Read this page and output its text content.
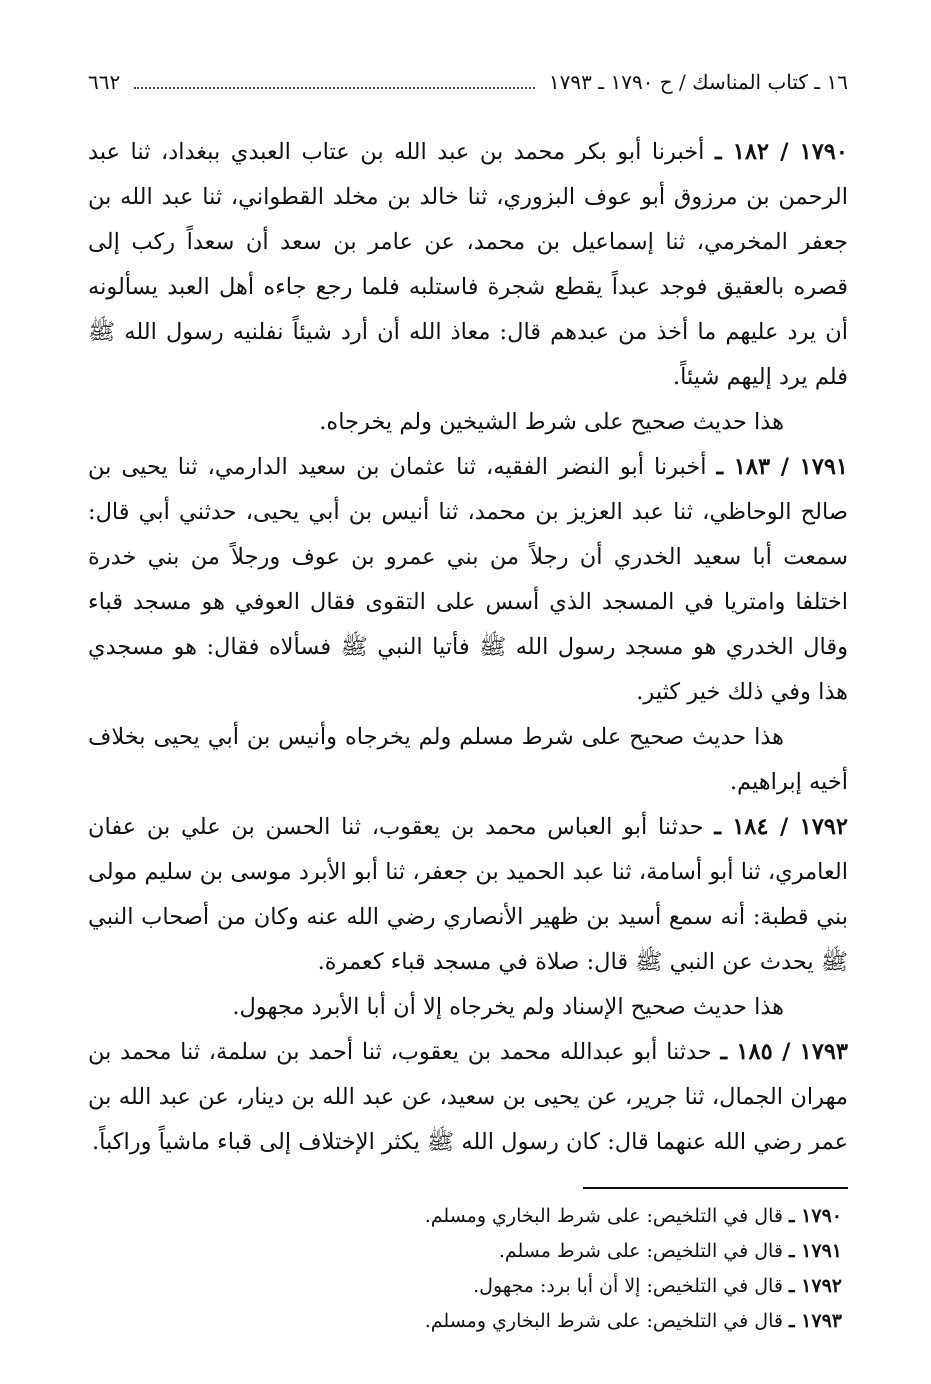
١٦ ـ كتاب المناسك / ح ١٧٩٠ ـ ١٧٩٣
٦٦٢

١٧٩٠ / ١٨٢ ـ أخبرنا أبو بكر محمد بن عبد الله بن عتاب العبدي ببغداد، ثنا عبد الرحمن بن مرزوق أبو عوف البزوري، ثنا خالد بن مخلد القطواني، ثنا عبد الله بن جعفر المخرمي، ثنا إسماعيل بن محمد، عن عامر بن سعد أن سعداً ركب إلى قصره بالعقيق فوجد عبداً يقطع شجرة فاستلبه فلما رجع جاءه أهل العبد يسألونه أن يرد عليهم ما أخذ من عبدهم قال: معاذ الله أن أرد شيئاً نفلنيه رسول الله ﷺ فلم يرد إليهم شيئاً.

هذا حديث صحيح على شرط الشيخين ولم يخرجاه.

١٧٩١ / ١٨٣ ـ أخبرنا أبو النضر الفقيه، ثنا عثمان بن سعيد الدارمي، ثنا يحيى بن صالح الوحاظي، ثنا عبد العزيز بن محمد، ثنا أنيس بن أبي يحيى، حدثني أبي قال: سمعت أبا سعيد الخدري أن رجلاً من بني عمرو بن عوف ورجلاً من بني خدرة اختلفا وامتريا في المسجد الذي أسس على التقوى فقال العوفي هو مسجد قباء وقال الخدري هو مسجد رسول الله ﷺ فأتيا النبي ﷺ فسألاه فقال: هو مسجدي هذا وفي ذلك خير كثير.

هذا حديث صحيح على شرط مسلم ولم يخرجاه وأنيس بن أبي يحيى بخلاف أخيه إبراهيم.

١٧٩٢ / ١٨٤ ـ حدثنا أبو العباس محمد بن يعقوب، ثنا الحسن بن علي بن عفان العامري، ثنا أبو أسامة، ثنا عبد الحميد بن جعفر، ثنا أبو الأبرد موسى بن سليم مولى بني قطبة: أنه سمع أسيد بن ظهير الأنصاري رضي الله عنه وكان من أصحاب النبي ﷺ يحدث عن النبي ﷺ قال: صلاة في مسجد قباء كعمرة.

هذا حديث صحيح الإسناد ولم يخرجاه إلا أن أبا الأبرد مجهول.

١٧٩٣ / ١٨٥ ـ حدثنا أبو عبدالله محمد بن يعقوب، ثنا أحمد بن سلمة، ثنا محمد بن مهران الجمال، ثنا جرير، عن يحيى بن سعيد، عن عبد الله بن دينار، عن عبد الله بن عمر رضي الله عنهما قال: كان رسول الله ﷺ يكثر الإختلاف إلى قباء ماشياً وراكباً.

١٧٩٠ ـ قال في التلخيص: على شرط البخاري ومسلم.

١٧٩١ ـ قال في التلخيص: على شرط مسلم.

١٧٩٢ ـ قال في التلخيص: إلا أن أبا برد: مجهول.

١٧٩٣ ـ قال في التلخيص: على شرط البخاري ومسلم.
